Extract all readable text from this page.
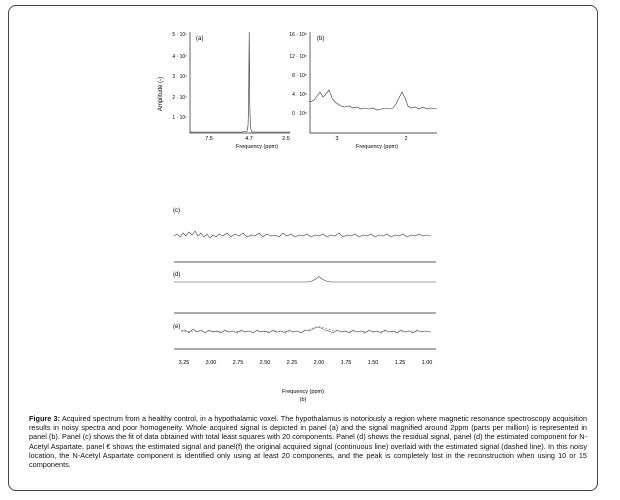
(a)
Amplitude (-)
5 · 10⁷
4 · 10⁷
3 · 10⁷
2 · 10⁷
1 · 10⁷
7.5	4.7	2.5
Frequency (ppm)
(b)
16 · 10⁵
12 · 10⁵
8 · 10⁵
4 · 10⁵
0 · 10⁵
3	2
Frequency (ppm)
(c)
(d)
(e)
3.25	3.00	2.75	2.50	2.25	2.00	1.75	1.50	1.25	1.00
Frequency (ppm)
(b)
Figure 3: Acquired spectrum from a healthy control, in a hypothalamic voxel. The hypothalamus is notoriously a region where magnetic resonance spectroscopy acquisition results in noisy spectra and poor homogeneity. Whole acquired signal is depicted in panel (a) and the signal magnified around 2ppm (parts per million) is represented in panel (b). Panel (c) shows the fit of data obtained with total least squares with 20 components. Panel (d) shows the residual signal, panel (d) the estimated component for N-Acetyl Aspartate, panel € shows the estimated signal and panel(f) the original acquired signal (continuous line) overlaid with the estimated signal (dashed line). In this noisy location, the N-Acetyl Aspartate component is identified only using at least 20 components, and the peak is completely lost in the reconstruction when using 10 or 15 components.
